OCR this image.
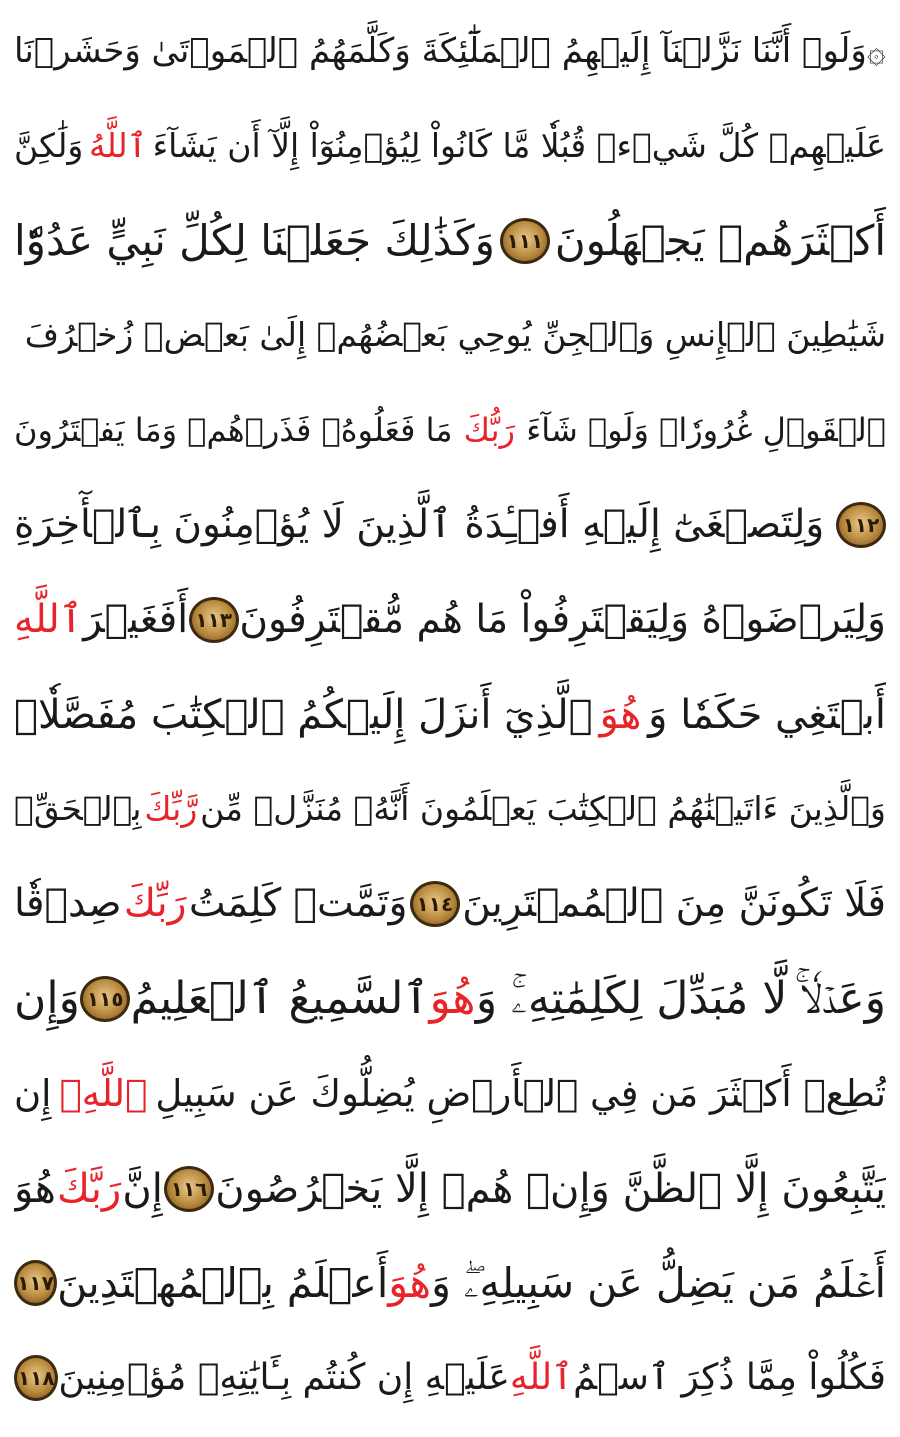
۞
وَلَوۡ أَنَّنَا نَزَّلۡنَآ إِلَيۡهِمُ ٱلۡمَلَٰٓئِكَةَ وَكَلَّمَهُمُ ٱلۡمَوۡتَىٰ وَحَشَرۡنَا
عَلَيۡهِمۡ كُلَّ شَيۡءٖ قُبُلٗا مَّا كَانُواْ لِيُؤۡمِنُوٓاْ إِلَّآ أَن يَشَآءَ
ٱللَّهُ
وَلَٰكِنَّ
أَكۡثَرَهُمۡ يَجۡهَلُونَ
١١١
وَكَذَٰلِكَ جَعَلۡنَا لِكُلِّ نَبِيٍّ عَدُوّٗا
شَيَٰطِينَ ٱلۡإِنسِ وَٱلۡجِنِّ يُوحِي بَعۡضُهُمۡ إِلَىٰ بَعۡضٖ زُخۡرُفَ
ٱلۡقَوۡلِ غُرُورٗاۚ وَلَوۡ شَآءَ
رَبُّكَ
مَا فَعَلُوهُۖ فَذَرۡهُمۡ وَمَا يَفۡتَرُونَ
١١٢
وَلِتَصۡغَىٰٓ إِلَيۡهِ أَفۡـِٔدَةُ ٱلَّذِينَ لَا يُؤۡمِنُونَ بِٱلۡأٓخِرَةِ
وَلِيَرۡضَوۡهُ وَلِيَقۡتَرِفُواْ مَا هُم مُّقۡتَرِفُونَ
١١٣
أَفَغَيۡرَ
ٱللَّهِ
أَبۡتَغِي حَكَمٗا وَ
هُوَ
ٱلَّذِيٓ أَنزَلَ إِلَيۡكُمُ ٱلۡكِتَٰبَ مُفَصَّلٗاۚ
وَٱلَّذِينَ ءَاتَيۡنَٰهُمُ ٱلۡكِتَٰبَ يَعۡلَمُونَ أَنَّهُۥ مُنَزَّلٞ مِّن
رَّبِّكَ
بِٱلۡحَقِّۖ
فَلَا تَكُونَنَّ مِنَ ٱلۡمُمۡتَرِينَ
١١٤
وَتَمَّتۡ كَلِمَتُ
رَبِّكَ
صِدۡقٗا
وَعَدۡلٗاۚ لَّا مُبَدِّلَ لِكَلِمَٰتِهِۦۚ وَ
هُوَ
ٱلسَّمِيعُ ٱلۡعَلِيمُ
١١٥
وَإِن
تُطِعۡ أَكۡثَرَ مَن فِي ٱلۡأَرۡضِ يُضِلُّوكَ عَن سَبِيلِ
ٱللَّهِۚ
إِن
يَتَّبِعُونَ إِلَّا ٱلظَّنَّ وَإِنۡ هُمۡ إِلَّا يَخۡرُصُونَ
١١٦
إِنَّ
رَبَّكَ
هُوَ
أَعۡلَمُ مَن يَضِلُّ عَن سَبِيلِهِۦۖ وَ
هُوَ
أَعۡلَمُ بِٱلۡمُهۡتَدِينَ
١١٧
فَكُلُواْ مِمَّا ذُكِرَ ٱسۡمُ
ٱللَّهِ
عَلَيۡهِ إِن كُنتُم بِـَٔايَٰتِهِۦ مُؤۡمِنِينَ
١١٨
